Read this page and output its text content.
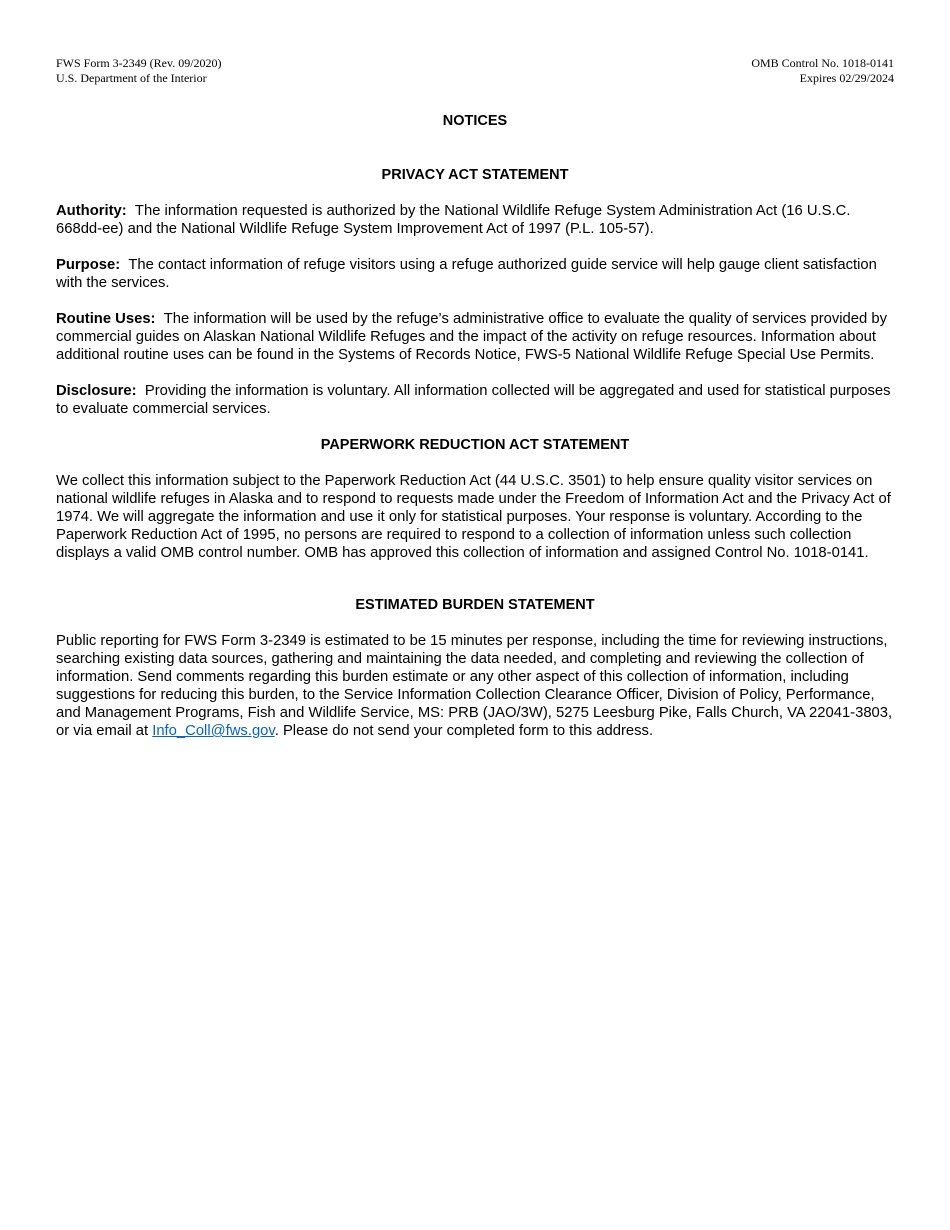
FWS Form 3-2349 (Rev. 09/2020)
U.S. Department of the Interior
OMB Control No. 1018-0141
Expires 02/29/2024
NOTICES
PRIVACY ACT STATEMENT

Authority: The information requested is authorized by the National Wildlife Refuge System Administration Act (16 U.S.C. 668dd-ee) and the National Wildlife Refuge System Improvement Act of 1997 (P.L. 105-57).

Purpose: The contact information of refuge visitors using a refuge authorized guide service will help gauge client satisfaction with the services.

Routine Uses: The information will be used by the refuge’s administrative office to evaluate the quality of services provided by commercial guides on Alaskan National Wildlife Refuges and the impact of the activity on refuge resources. Information about additional routine uses can be found in the Systems of Records Notice, FWS-5 National Wildlife Refuge Special Use Permits.

Disclosure: Providing the information is voluntary. All information collected will be aggregated and used for statistical purposes to evaluate commercial services.

PAPERWORK REDUCTION ACT STATEMENT

We collect this information subject to the Paperwork Reduction Act (44 U.S.C. 3501) to help ensure quality visitor services on national wildlife refuges in Alaska and to respond to requests made under the Freedom of Information Act and the Privacy Act of 1974. We will aggregate the information and use it only for statistical purposes. Your response is voluntary. According to the Paperwork Reduction Act of 1995, no persons are required to respond to a collection of information unless such collection displays a valid OMB control number. OMB has approved this collection of information and assigned Control No. 1018-0141.

ESTIMATED BURDEN STATEMENT

Public reporting for FWS Form 3-2349 is estimated to be 15 minutes per response, including the time for reviewing instructions, searching existing data sources, gathering and maintaining the data needed, and completing and reviewing the collection of information. Send comments regarding this burden estimate or any other aspect of this collection of information, including suggestions for reducing this burden, to the Service Information Collection Clearance Officer, Division of Policy, Performance, and Management Programs, Fish and Wildlife Service, MS: PRB (JAO/3W), 5275 Leesburg Pike, Falls Church, VA 22041-3803, or via email at Info_Coll@fws.gov. Please do not send your completed form to this address.
